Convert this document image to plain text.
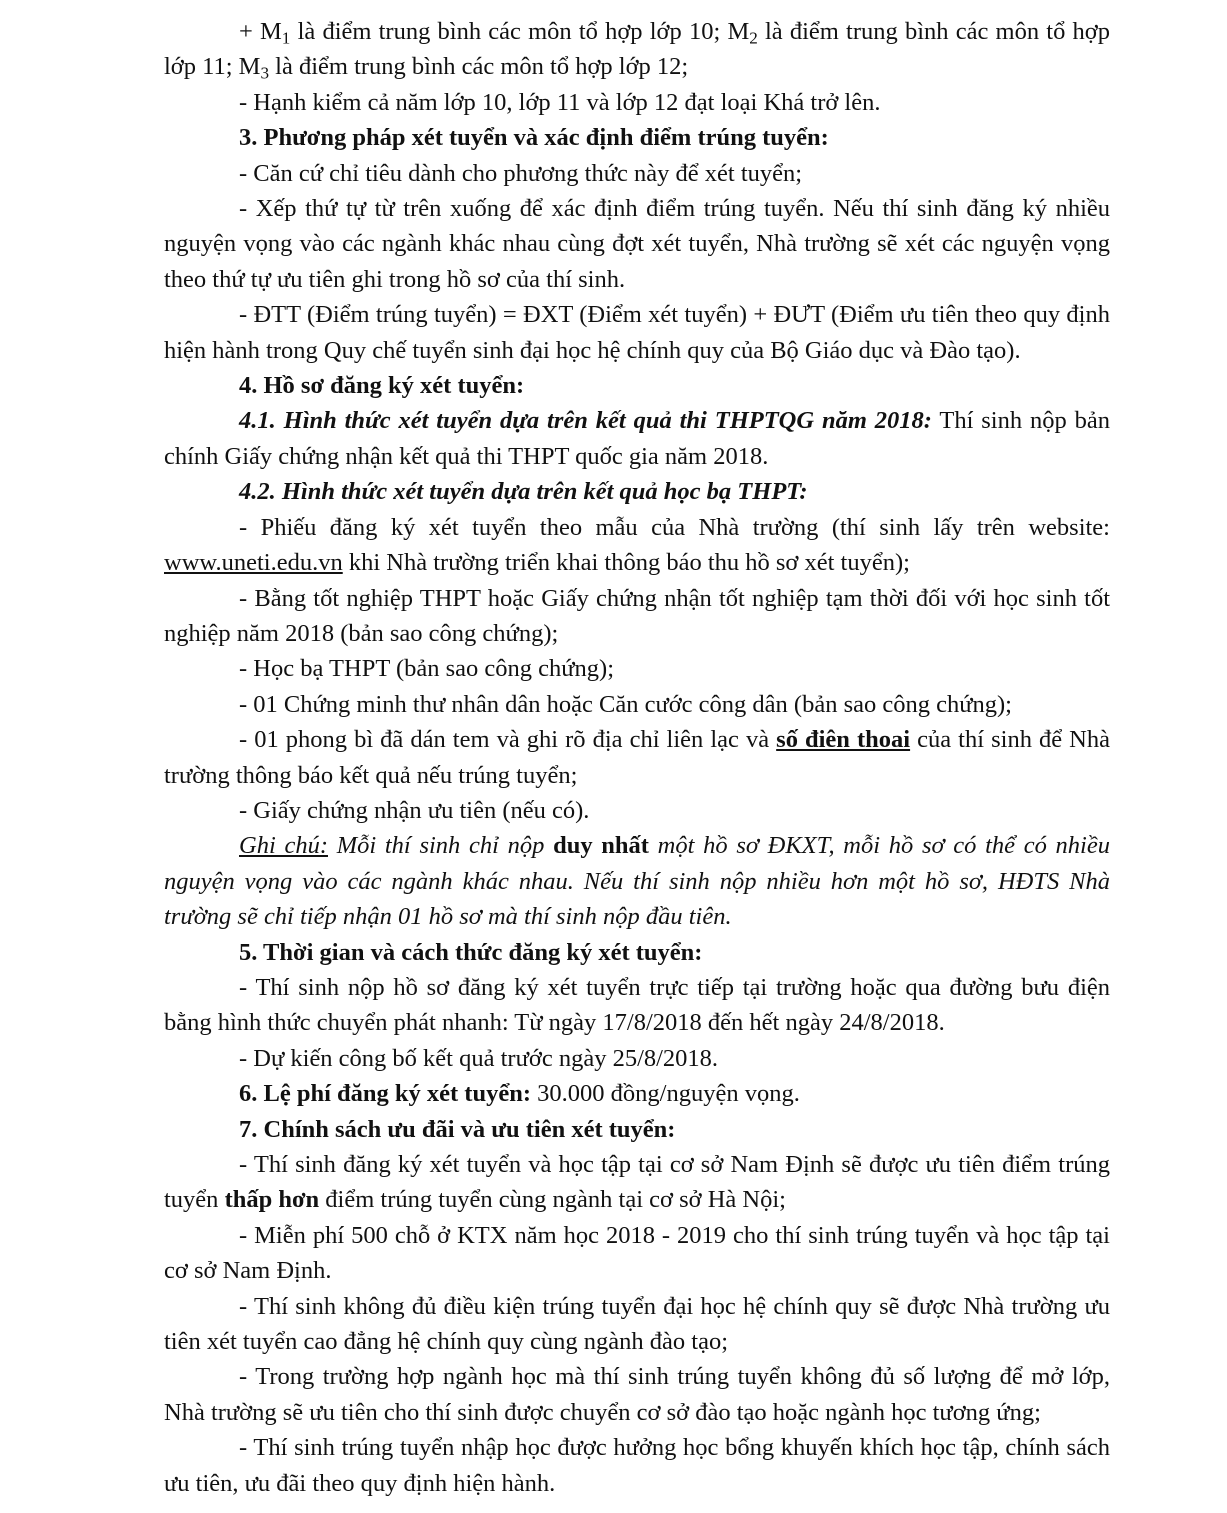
+ $M_1$ là điểm trung bình các môn tổ hợp lớp 10; $M_2$ là điểm trung bình các môn tổ hợp lớp 11; $M_3$ là điểm trung bình các môn tổ hợp lớp 12;

- Hạnh kiểm cả năm lớp 10, lớp 11 và lớp 12 đạt loại Khá trở lên.

3. Phương pháp xét tuyển và xác định điểm trúng tuyển:

- Căn cứ chỉ tiêu dành cho phương thức này để xét tuyển;

- Xếp thứ tự từ trên xuống để xác định điểm trúng tuyển. Nếu thí sinh đăng ký nhiều nguyện vọng vào các ngành khác nhau cùng đợt xét tuyển, Nhà trường sẽ xét các nguyện vọng theo thứ tự ưu tiên ghi trong hồ sơ của thí sinh.

- ĐTT (Điểm trúng tuyển) = ĐXT (Điểm xét tuyển) + ĐƯT (Điểm ưu tiên theo quy định hiện hành trong Quy chế tuyển sinh đại học hệ chính quy của Bộ Giáo dục và Đào tạo).

4. Hồ sơ đăng ký xét tuyển:

4.1. Hình thức xét tuyển dựa trên kết quả thi THPTQG năm 2018: Thí sinh nộp bản chính Giấy chứng nhận kết quả thi THPT quốc gia năm 2018.

4.2. Hình thức xét tuyển dựa trên kết quả học bạ THPT:

- Phiếu đăng ký xét tuyển theo mẫu của Nhà trường (thí sinh lấy trên website: www.uneti.edu.vn khi Nhà trường triển khai thông báo thu hồ sơ xét tuyển);

- Bằng tốt nghiệp THPT hoặc Giấy chứng nhận tốt nghiệp tạm thời đối với học sinh tốt nghiệp năm 2018 (bản sao công chứng);

- Học bạ THPT (bản sao công chứng);

- 01 Chứng minh thư nhân dân hoặc Căn cước công dân (bản sao công chứng);

- 01 phong bì đã dán tem và ghi rõ địa chỉ liên lạc và số điên thoai của thí sinh để Nhà trường thông báo kết quả nếu trúng tuyển;

- Giấy chứng nhận ưu tiên (nếu có).

Ghi chú: Mỗi thí sinh chỉ nộp duy nhất một hồ sơ ĐKXT, mỗi hồ sơ có thể có nhiều nguyện vọng vào các ngành khác nhau. Nếu thí sinh nộp nhiều hơn một hồ sơ, HĐTS Nhà trường sẽ chỉ tiếp nhận 01 hồ sơ mà thí sinh nộp đầu tiên.

5. Thời gian và cách thức đăng ký xét tuyển:

- Thí sinh nộp hồ sơ đăng ký xét tuyển trực tiếp tại trường hoặc qua đường bưu điện bằng hình thức chuyển phát nhanh: Từ ngày 17/8/2018 đến hết ngày 24/8/2018.

- Dự kiến công bố kết quả trước ngày 25/8/2018.

6. Lệ phí đăng ký xét tuyển: 30.000 đồng/nguyện vọng.

7. Chính sách ưu đãi và ưu tiên xét tuyển:

- Thí sinh đăng ký xét tuyển và học tập tại cơ sở Nam Định sẽ được ưu tiên điểm trúng tuyển thấp hơn điểm trúng tuyển cùng ngành tại cơ sở Hà Nội;

- Miễn phí 500 chỗ ở KTX năm học 2018 - 2019 cho thí sinh trúng tuyển và học tập tại cơ sở Nam Định.

- Thí sinh không đủ điều kiện trúng tuyển đại học hệ chính quy sẽ được Nhà trường ưu tiên xét tuyển cao đẳng hệ chính quy cùng ngành đào tạo;

- Trong trường hợp ngành học mà thí sinh trúng tuyển không đủ số lượng để mở lớp, Nhà trường sẽ ưu tiên cho thí sinh được chuyển cơ sở đào tạo hoặc ngành học tương ứng;

- Thí sinh trúng tuyển nhập học được hưởng học bổng khuyến khích học tập, chính sách ưu tiên, ưu đãi theo quy định hiện hành.
